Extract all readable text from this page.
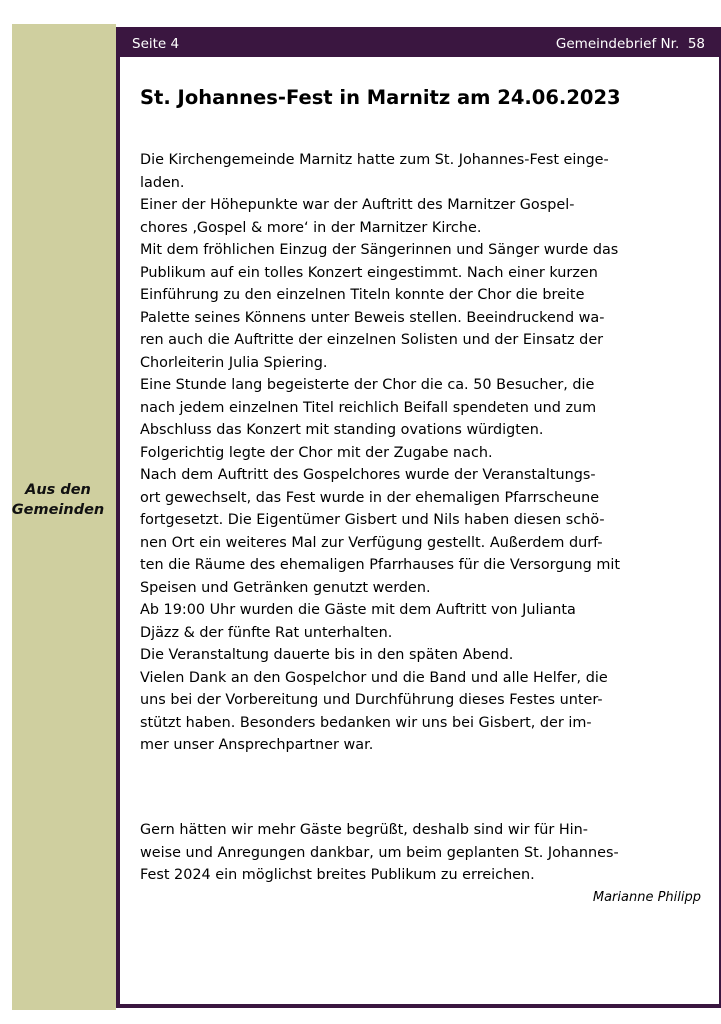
Aus den
Gemeinden
Seite 4	Gemeindebrief Nr.  58
St. Johannes-Fest in Marnitz am 24.06.2023

Die Kirchengemeinde Marnitz hatte zum St. Johannes-Fest einge-
laden.

Einer der Höhepunkte war der Auftritt des Marnitzer Gospel-
chores ‚Gospel & more‘ in der Marnitzer Kirche.

Mit dem fröhlichen Einzug der Sängerinnen und Sänger wurde das
Publikum auf ein tolles Konzert eingestimmt. Nach einer kurzen
Einführung zu den einzelnen Titeln konnte der Chor die breite
Palette seines Könnens unter Beweis stellen. Beeindruckend wa-
ren auch die Auftritte der einzelnen Solisten und der Einsatz der
Chorleiterin Julia Spiering.

Eine Stunde lang begeisterte der Chor die ca. 50 Besucher, die
nach jedem einzelnen Titel reichlich Beifall spendeten und zum
Abschluss das Konzert mit standing ovations würdigten.

Folgerichtig legte der Chor mit der Zugabe nach.

Nach dem Auftritt des Gospelchores wurde der Veranstaltungs-
ort gewechselt, das Fest wurde in der ehemaligen Pfarrscheune
fortgesetzt. Die Eigentümer Gisbert und Nils haben diesen schö-
nen Ort ein weiteres Mal zur Verfügung gestellt. Außerdem durf-
ten die Räume des ehemaligen Pfarrhauses für die Versorgung mit
Speisen und Getränken genutzt werden.

Ab 19:00 Uhr wurden die Gäste mit dem Auftritt von Julianta
Djäzz & der fünfte Rat unterhalten.

Die Veranstaltung dauerte bis in den späten Abend.

Vielen Dank an den Gospelchor und die Band und alle Helfer, die
uns bei der Vorbereitung und Durchführung dieses Festes unter-
stützt haben. Besonders bedanken wir uns bei Gisbert, der im-
mer unser Ansprechpartner war.

Gern hätten wir mehr Gäste begrüßt, deshalb sind wir für Hin-
weise und Anregungen dankbar, um beim geplanten St. Johannes-
Fest 2024 ein möglichst breites Publikum zu erreichen.

Marianne Philipp
